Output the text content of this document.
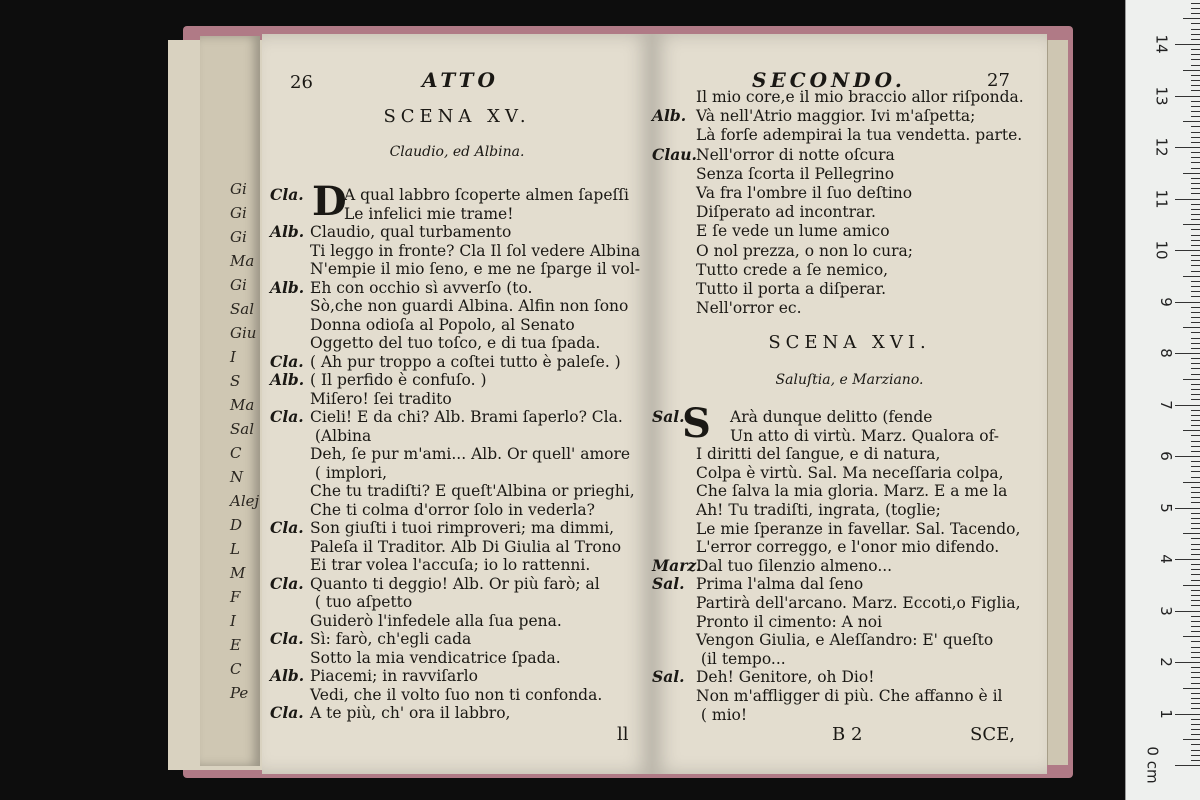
Gi
Gi
Gi
Ma
Gi
Sal
Giu
I
S
Ma
Sal
C
N
Alej
D
L
M
F
I
E
C
Pe
26	ATTO
SCENA XV.
Claudio, ed Albina.
D
Cla.	A qual labbro ſcoperte almen ſapeſſi
Le infelici mie trame!
Alb. Claudio, qual turbamento
Ti leggo in fronte? Cla Il ſol vedere Albina
N'empie il mio ſeno, e me ne ſparge il vol-
Alb. Eh con occhio sì avverſo (to.
Sò,che non guardi Albina. Alfin non ſono
Donna odioſa al Popolo, al Senato
Oggetto del tuo toſco, e di tua ſpada.
Cla. ( Ah pur troppo a coſtei tutto è paleſe. )
Alb. ( Il perfido è confuſo. )
Miſero! ſei tradito
Cla. Cieli! E da chi? Alb. Brami ſaperlo? Cla.
(Albina
Deh, ſe pur m'ami... Alb. Or quell' amore
( implori,
Che tu tradiſti? E queſt'Albina or prieghi,
Che ti colma d'orror ſolo in vederla?
Cla. Son giuſti i tuoi rimproveri; ma dimmi,
Paleſa il Traditor. Alb Di Giulia al Trono
Ei trar volea l'accuſa; io lo rattenni.
Cla. Quanto ti deggio! Alb. Or più farò; al
( tuo aſpetto
Guiderò l'infedele alla ſua pena.
Cla. Sì: farò, ch'egli cada
Sotto la mia vendicatrice ſpada.
Alb. Piacemi; in ravviſarlo
Vedi, che il volto ſuo non ti confonda.
Cla. A te più, ch' ora il labbro,
ll
SECONDO.	27
Il mio core,e il mio braccio allor riſponda.
Alb. Và nell'Atrio maggior. Ivi m'aſpetta;
Là forſe adempirai la tua vendetta. parte.
Clau.Nell'orror di notte oſcura
Senza ſcorta il Pellegrino
Va fra l'ombre il ſuo deſtino
Diſperato ad incontrar.
E ſe vede un lume amico
O nol prezza, o non lo cura;
Tutto crede a ſe nemico,
Tutto il porta a diſperar.
Nell'orror ec.
SCENA XVI.
Saluſtia, e Marziano.
S
Sal.	Arà dunque delitto (fende
Un atto di virtù. Marz. Qualora of-
I diritti del ſangue, e di natura,
Colpa è virtù. Sal. Ma neceſſaria colpa,
Che ſalva la mia gloria. Marz. E a me la
Ah! Tu tradiſti, ingrata, (toglie;
Le mie ſperanze in favellar. Sal. Tacendo,
L'error correggo, e l'onor mio difendo.
Marz.Dal tuo ſilenzio almeno...
Sal. Prima l'alma dal ſeno
Partirà dell'arcano. Marz. Eccoti,o Figlia,
Pronto il cimento: A noi
Vengon Giulia, e Aleſſandro: E' queſto
(il tempo...
Sal. Deh! Genitore, oh Dio!
Non m'affligger di più. Che affanno è il
( mio!
B 2	SCE,
0 cm
1
2
3
4
5
6
7
8
9
10
11
12
13
14
